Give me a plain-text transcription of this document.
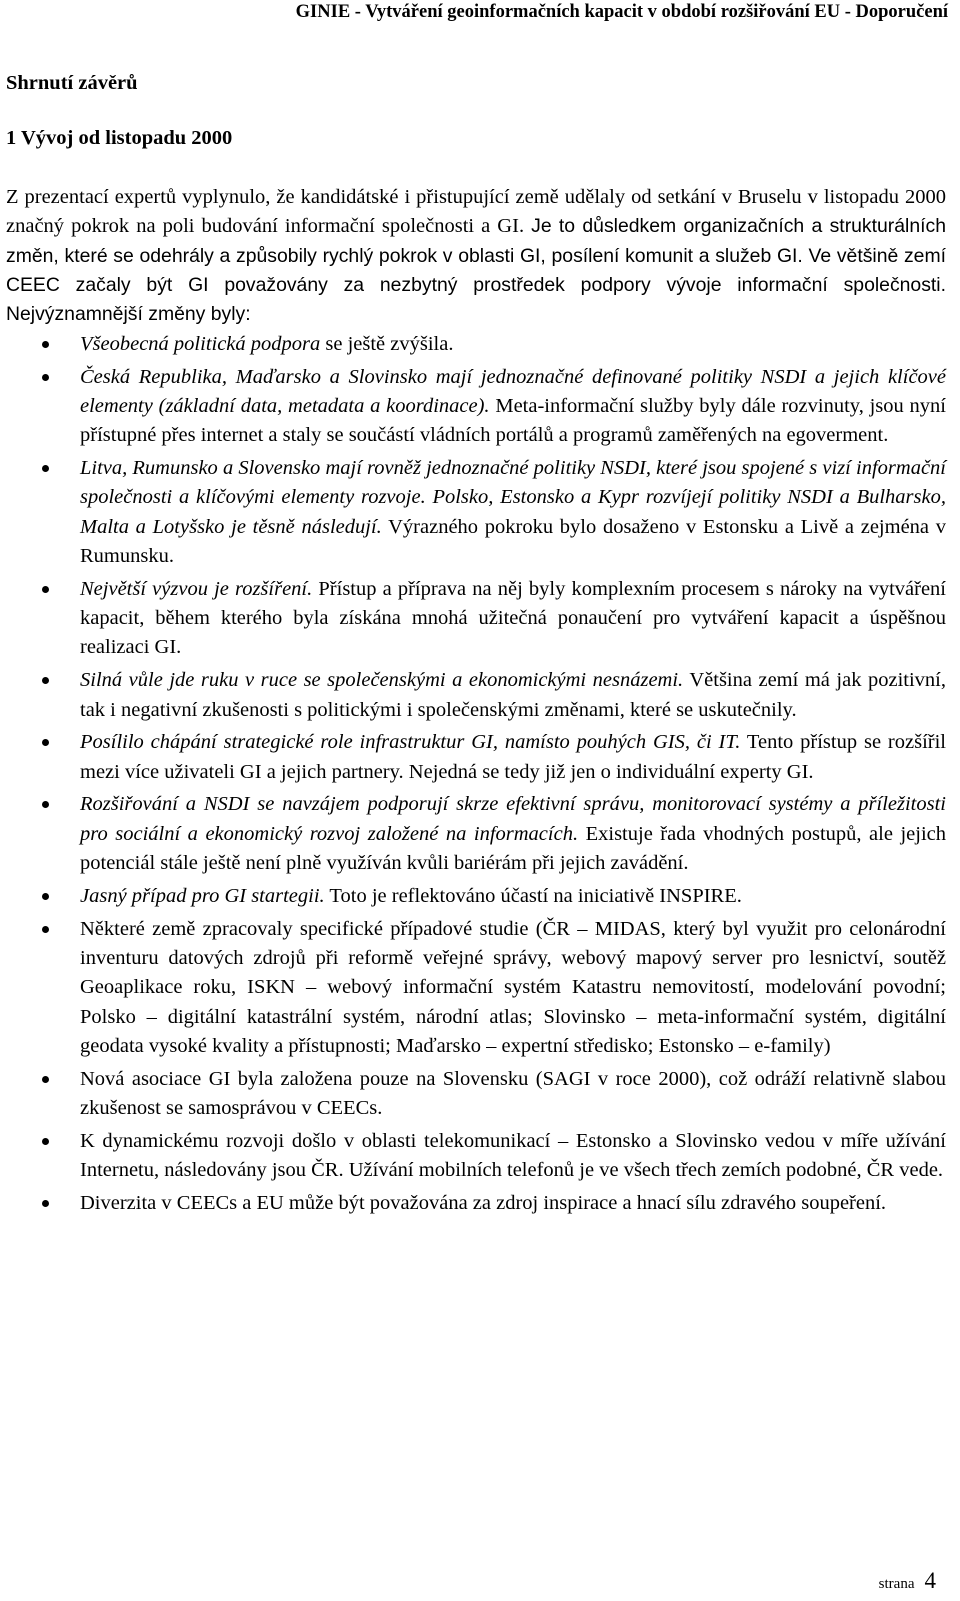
GINIE - Vytváření geoinformačních kapacit v období rozšiřování EU - Doporučení
Shrnutí závěrů
1 Vývoj od listopadu 2000
Z prezentací expertů vyplynulo, že kandidátské i přistupující země udělaly od setkání v Bruselu v listopadu 2000 značný pokrok na poli budování informační společnosti a GI. Je to důsledkem organizačních a strukturálních změn, které se odehrály a způsobily rychlý pokrok v oblasti GI, posílení komunit a služeb GI. Ve většině zemí CEEC začaly být GI považovány za nezbytný prostředek podpory vývoje informační společnosti. Nejvýznamnější změny byly:
Všeobecná politická podpora se ještě zvýšila.
Česká Republika, Maďarsko a Slovinsko mají jednoznačné definované politiky NSDI a jejich klíčové elementy (základní data, metadata a koordinace). Meta-informační služby byly dále rozvinuty, jsou nyní přístupné přes internet a staly se součástí vládních portálů a programů zaměřených na egoverment.
Litva, Rumunsko a Slovensko mají rovněž jednoznačné politiky NSDI, které jsou spojené s vizí informační společnosti a klíčovými elementy rozvoje. Polsko, Estonsko a Kypr rozvíjejí politiky NSDI a Bulharsko, Malta a Lotyšsko je těsně následují. Výrazného pokroku bylo dosaženo v Estonsku a Livě a zejména v Rumunsku.
Největší výzvou je rozšíření. Přístup a příprava na něj byly komplexním procesem s nároky na vytváření kapacit, během kterého byla získána mnohá užitečná ponaučení pro vytváření kapacit a úspěšnou realizaci GI.
Silná vůle jde ruku v ruce se společenskými a ekonomickými nesnázemi. Většina zemí má jak pozitivní, tak i negativní zkušenosti s politickými i společenskými změnami, které se uskutečnily.
Posílilo chápání strategické role infrastruktur GI, namísto pouhých GIS, či IT. Tento přístup se rozšířil mezi více uživateli GI a jejich partnery. Nejedná se tedy již jen o individuální experty GI.
Rozšiřování a NSDI se navzájem podporují skrze efektivní správu, monitorovací systémy a příležitosti pro sociální a ekonomický rozvoj založené na informacích. Existuje řada vhodných postupů, ale jejich potenciál stále ještě není plně využíván kvůli bariérám při jejich zavádění.
Jasný případ pro GI startegii. Toto je reflektováno účastí na iniciativě INSPIRE.
Některé země zpracovaly specifické případové studie (ČR – MIDAS, který byl využit pro celonárodní inventuru datových zdrojů při reformě veřejné správy, webový mapový server pro lesnictví, soutěž Geoaplikace roku, ISKN – webový informační systém Katastru nemovitostí, modelování povodní; Polsko – digitální katastrální systém, národní atlas; Slovinsko – meta-informační systém, digitální geodata vysoké kvality a přístupnosti; Maďarsko – expertní středisko; Estonsko – e-family)
Nová asociace GI byla založena pouze na Slovensku (SAGI v roce 2000), což odráží relativně slabou zkušenost se samosprávou v CEECs.
K dynamickému rozvoji došlo v oblasti telekomunikací – Estonsko a Slovinsko vedou v míře užívání Internetu, následovány jsou ČR. Užívání mobilních telefonů je ve všech třech zemích podobné, ČR vede.
Diverzita v CEECs a EU může být považována za zdroj inspirace a hnací sílu zdravého soupeření.
strana 4
